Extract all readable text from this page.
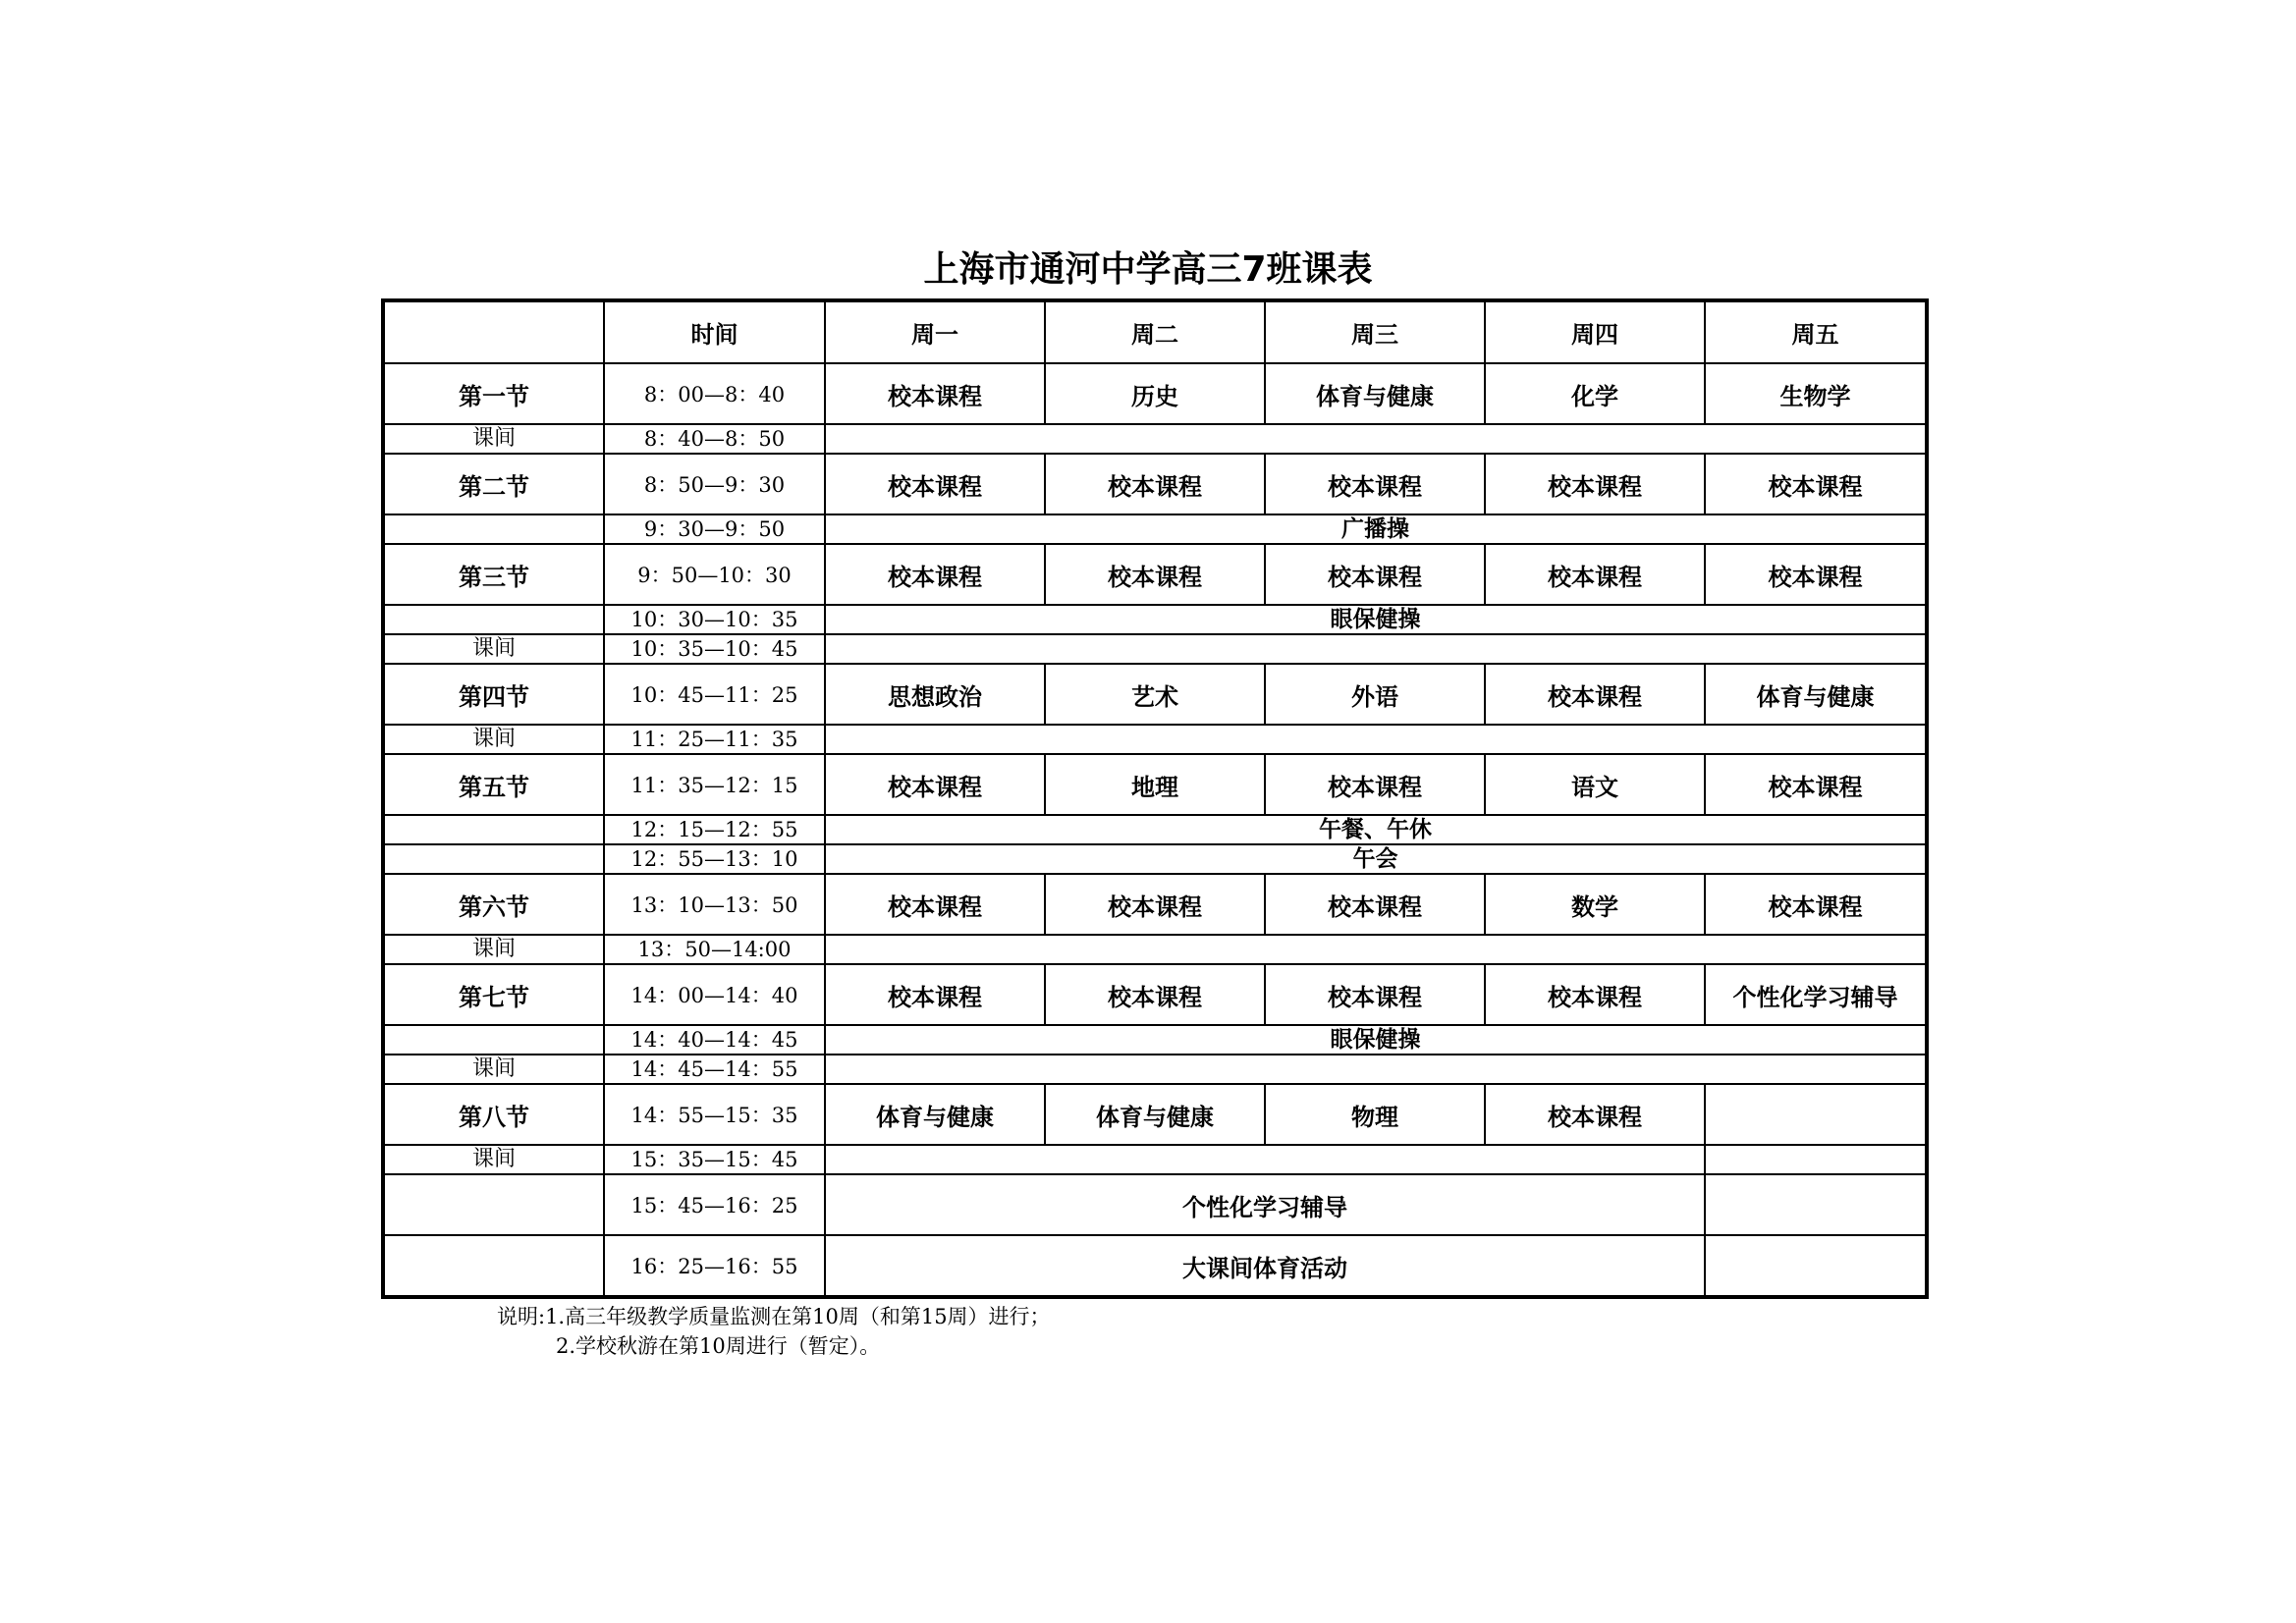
上海市通河中学高三7班课表
	时间	周一	周二	周三	周四	周五
第一节	8：00—8：40	校本课程	历史	体育与健康	化学	生物学
课间	8：40—8：50					
第二节	8：50—9：30	校本课程	校本课程	校本课程	校本课程	校本课程
	9：30—9：50	广播操				
第三节	9：50—10：30	校本课程	校本课程	校本课程	校本课程	校本课程
	10：30—10：35	眼保健操				
课间	10：35—10：45					
第四节	10：45—11：25	思想政治	艺术	外语	校本课程	体育与健康
课间	11：25—11：35					
第五节	11：35—12：15	校本课程	地理	校本课程	语文	校本课程
	12：15—12：55	午餐、午休				
	12：55—13：10	午会				
第六节	13：10—13：50	校本课程	校本课程	校本课程	数学	校本课程
课间	13：50—14:00					
第七节	14：00—14：40	校本课程	校本课程	校本课程	校本课程	个性化学习辅导
	14：40—14：45	眼保健操				
课间	14：45—14：55					
第八节	14：55—15：35	体育与健康	体育与健康	物理	校本课程	
课间	15：35—15：45					
	15：45—16：25	个性化学习辅导				
	16：25—16：55	大课间体育活动				
说明:1.高三年级教学质量监测在第10周（和第15周）进行；
2.学校秋游在第10周进行（暂定）。
